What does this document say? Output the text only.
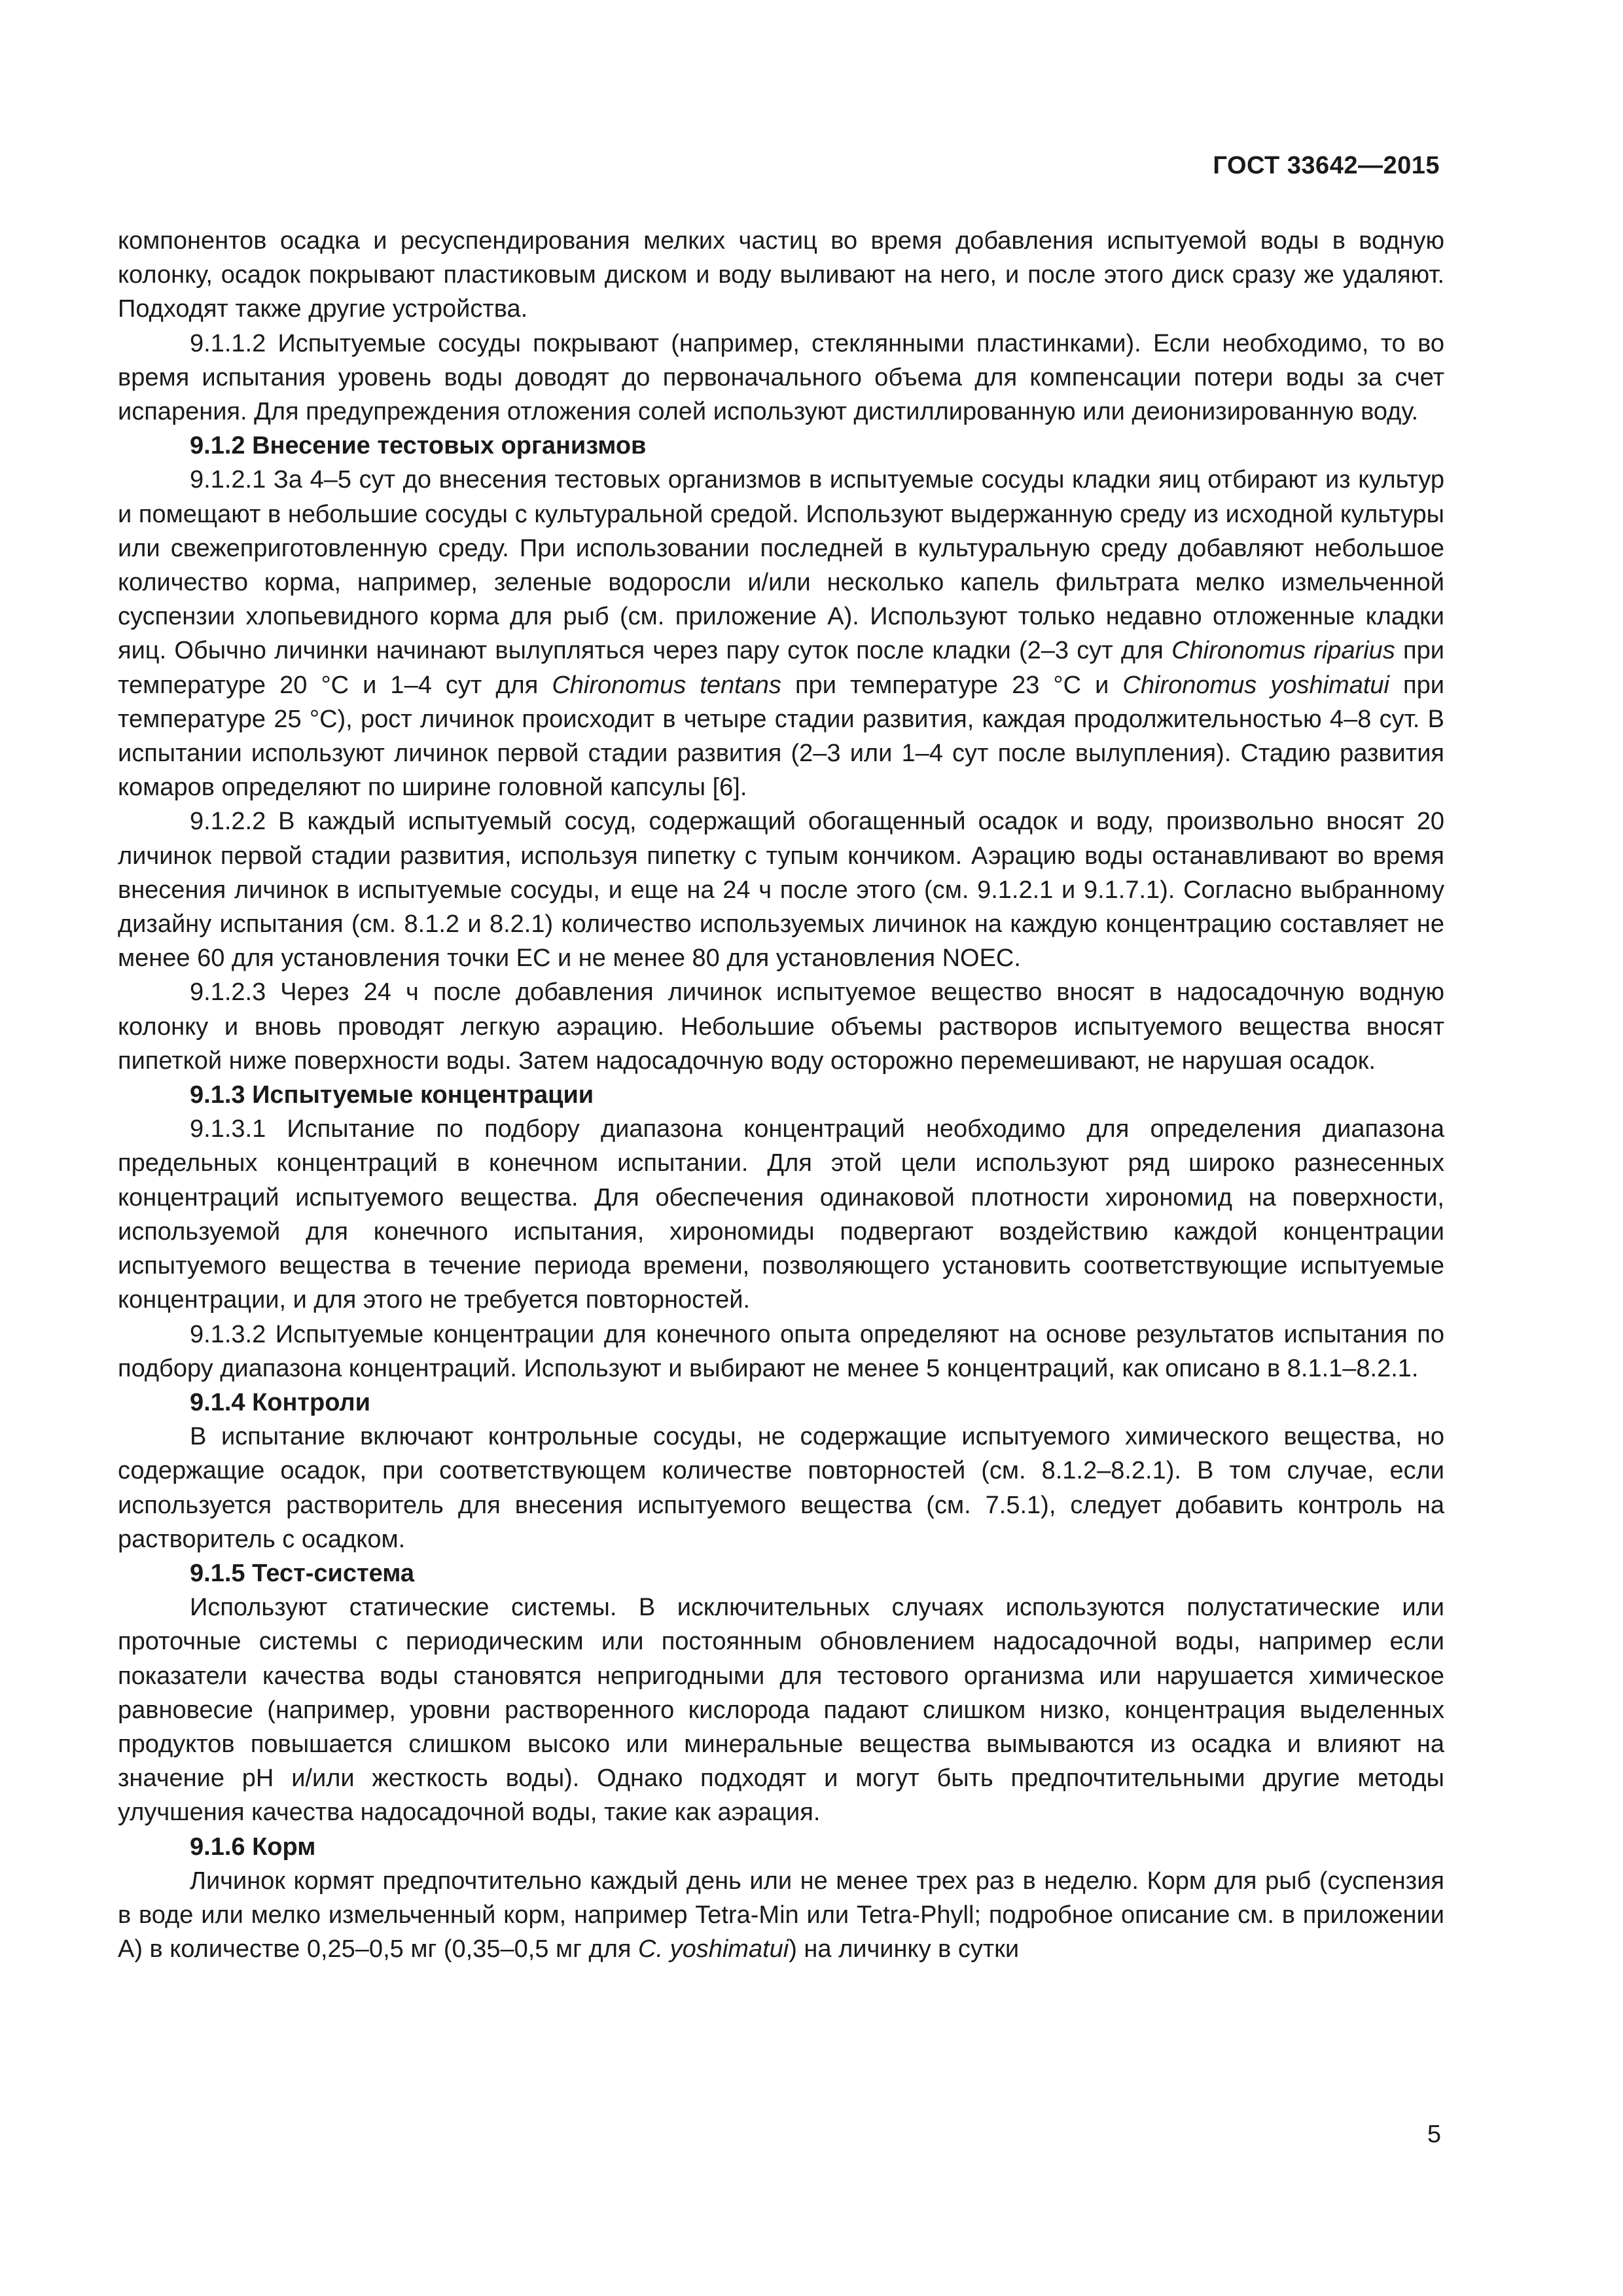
ГОСТ 33642—2015

компонентов осадка и ресуспендирования мелких частиц во время добавления испытуемой воды в водную колонку, осадок покрывают пластиковым диском и воду выливают на него, и после этого диск сразу же удаляют. Подходят также другие устройства.

9.1.1.2 Испытуемые сосуды покрывают (например, стеклянными пластинками). Если необходимо, то во время испытания уровень воды доводят до первоначального объема для компенсации потери воды за счет испарения. Для предупреждения отложения солей используют дистиллированную или деионизированную воду.

9.1.2 Внесение тестовых организмов

9.1.2.1 За 4–5 сут до внесения тестовых организмов в испытуемые сосуды кладки яиц отбирают из культур и помещают в небольшие сосуды с культуральной средой. Используют выдержанную среду из исходной культуры или свежеприготовленную среду. При использовании последней в культуральную среду добавляют небольшое количество корма, например, зеленые водоросли и/или несколько капель фильтрата мелко измельченной суспензии хлопьевидного корма для рыб (см. приложение А). Используют только недавно отложенные кладки яиц. Обычно личинки начинают вылупляться через пару суток после кладки (2–3 сут для Chironomus riparius при температуре 20 °С и 1–4 сут для Chironomus tentans при температуре 23 °С и Chironomus yoshimatui при температуре 25 °С), рост личинок происходит в четыре стадии развития, каждая продолжительностью 4–8 сут. В испытании используют личинок первой стадии развития (2–3 или 1–4 сут после вылупления). Стадию развития комаров определяют по ширине головной капсулы [6].

9.1.2.2 В каждый испытуемый сосуд, содержащий обогащенный осадок и воду, произвольно вносят 20 личинок первой стадии развития, используя пипетку с тупым кончиком. Аэрацию воды останавливают во время внесения личинок в испытуемые сосуды, и еще на 24 ч после этого (см. 9.1.2.1 и 9.1.7.1). Согласно выбранному дизайну испытания (см. 8.1.2 и 8.2.1) количество используемых личинок на каждую концентрацию составляет не менее 60 для установления точки ЕС и не менее 80 для установления NOEC.

9.1.2.3 Через 24 ч после добавления личинок испытуемое вещество вносят в надосадочную водную колонку и вновь проводят легкую аэрацию. Небольшие объемы растворов испытуемого вещества вносят пипеткой ниже поверхности воды. Затем надосадочную воду осторожно перемешивают, не нарушая осадок.

9.1.3 Испытуемые концентрации

9.1.3.1 Испытание по подбору диапазона концентраций необходимо для определения диапазона предельных концентраций в конечном испытании. Для этой цели используют ряд широко разнесенных концентраций испытуемого вещества. Для обеспечения одинаковой плотности хирономид на поверхности, используемой для конечного испытания, хирономиды подвергают воздействию каждой концентрации испытуемого вещества в течение периода времени, позволяющего установить соответствующие испытуемые концентрации, и для этого не требуется повторностей.

9.1.3.2 Испытуемые концентрации для конечного опыта определяют на основе результатов испытания по подбору диапазона концентраций. Используют и выбирают не менее 5 концентраций, как описано в 8.1.1–8.2.1.

9.1.4 Контроли

В испытание включают контрольные сосуды, не содержащие испытуемого химического вещества, но содержащие осадок, при соответствующем количестве повторностей (см. 8.1.2–8.2.1). В том случае, если используется растворитель для внесения испытуемого вещества (см. 7.5.1), следует добавить контроль на растворитель с осадком.

9.1.5 Тест-система

Используют статические системы. В исключительных случаях используются полустатические или проточные системы с периодическим или постоянным обновлением надосадочной воды, например если показатели качества воды становятся непригодными для тестового организма или нарушается химическое равновесие (например, уровни растворенного кислорода падают слишком низко, концентрация выделенных продуктов повышается слишком высоко или минеральные вещества вымываются из осадка и влияют на значение рН и/или жесткость воды). Однако подходят и могут быть предпочтительными другие методы улучшения качества надосадочной воды, такие как аэрация.

9.1.6 Корм

Личинок кормят предпочтительно каждый день или не менее трех раз в неделю. Корм для рыб (суспензия в воде или мелко измельченный корм, например Tetra-Min или Tetra-Phyll; подробное описание см. в приложении А) в количестве 0,25–0,5 мг (0,35–0,5 мг для C. yoshimatui) на личинку в сутки

5
